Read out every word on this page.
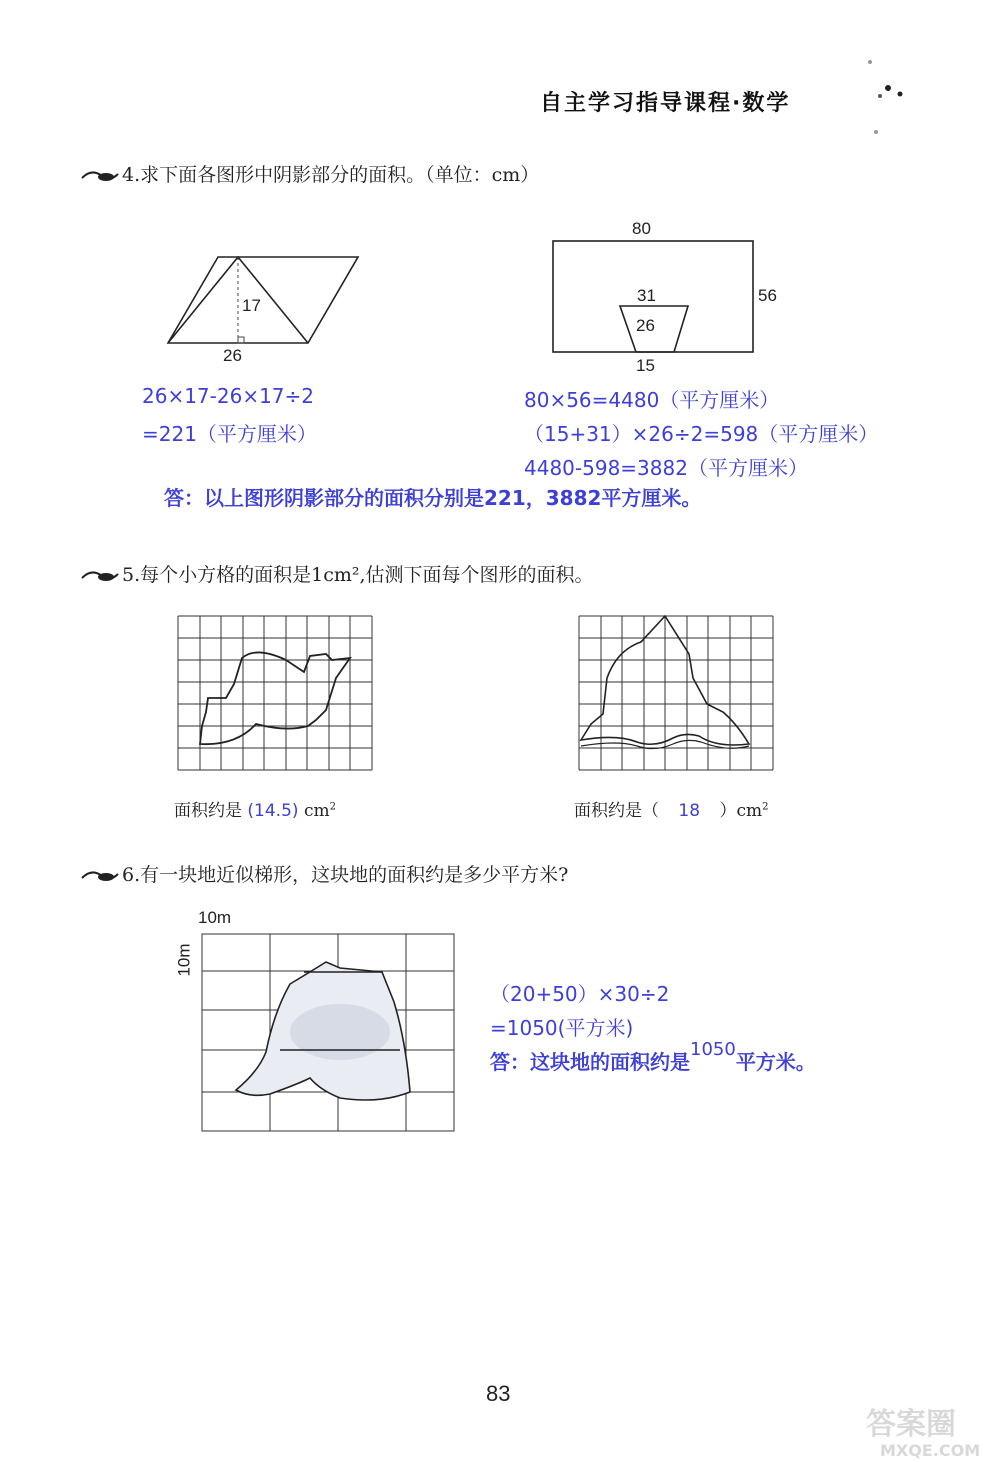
自主学习指导课程·数学
4.求下面各图形中阴影部分的面积。（单位：cm）
17
26
80
56
31
26
15
26×17-26×17÷2
=221（平方厘米）
80×56=4480（平方厘米）
（15+31）×26÷2=598（平方厘米）
4480-598=3882（平方厘米）
答：以上图形阴影部分的面积分别是221，3882平方厘米。
5.每个小方格的面积是1cm²,估测下面每个图形的面积。
面积约是 (14.5) $cm^2$	面积约是（ 18 ）$cm^2$
6.有一块地近似梯形，这块地的面积约是多少平方米?
10m
10m
（20+50）×30÷2
=1050(平方米)
答：这块地的面积约是1050平方米。
83
答案圈
MXQE.COM
